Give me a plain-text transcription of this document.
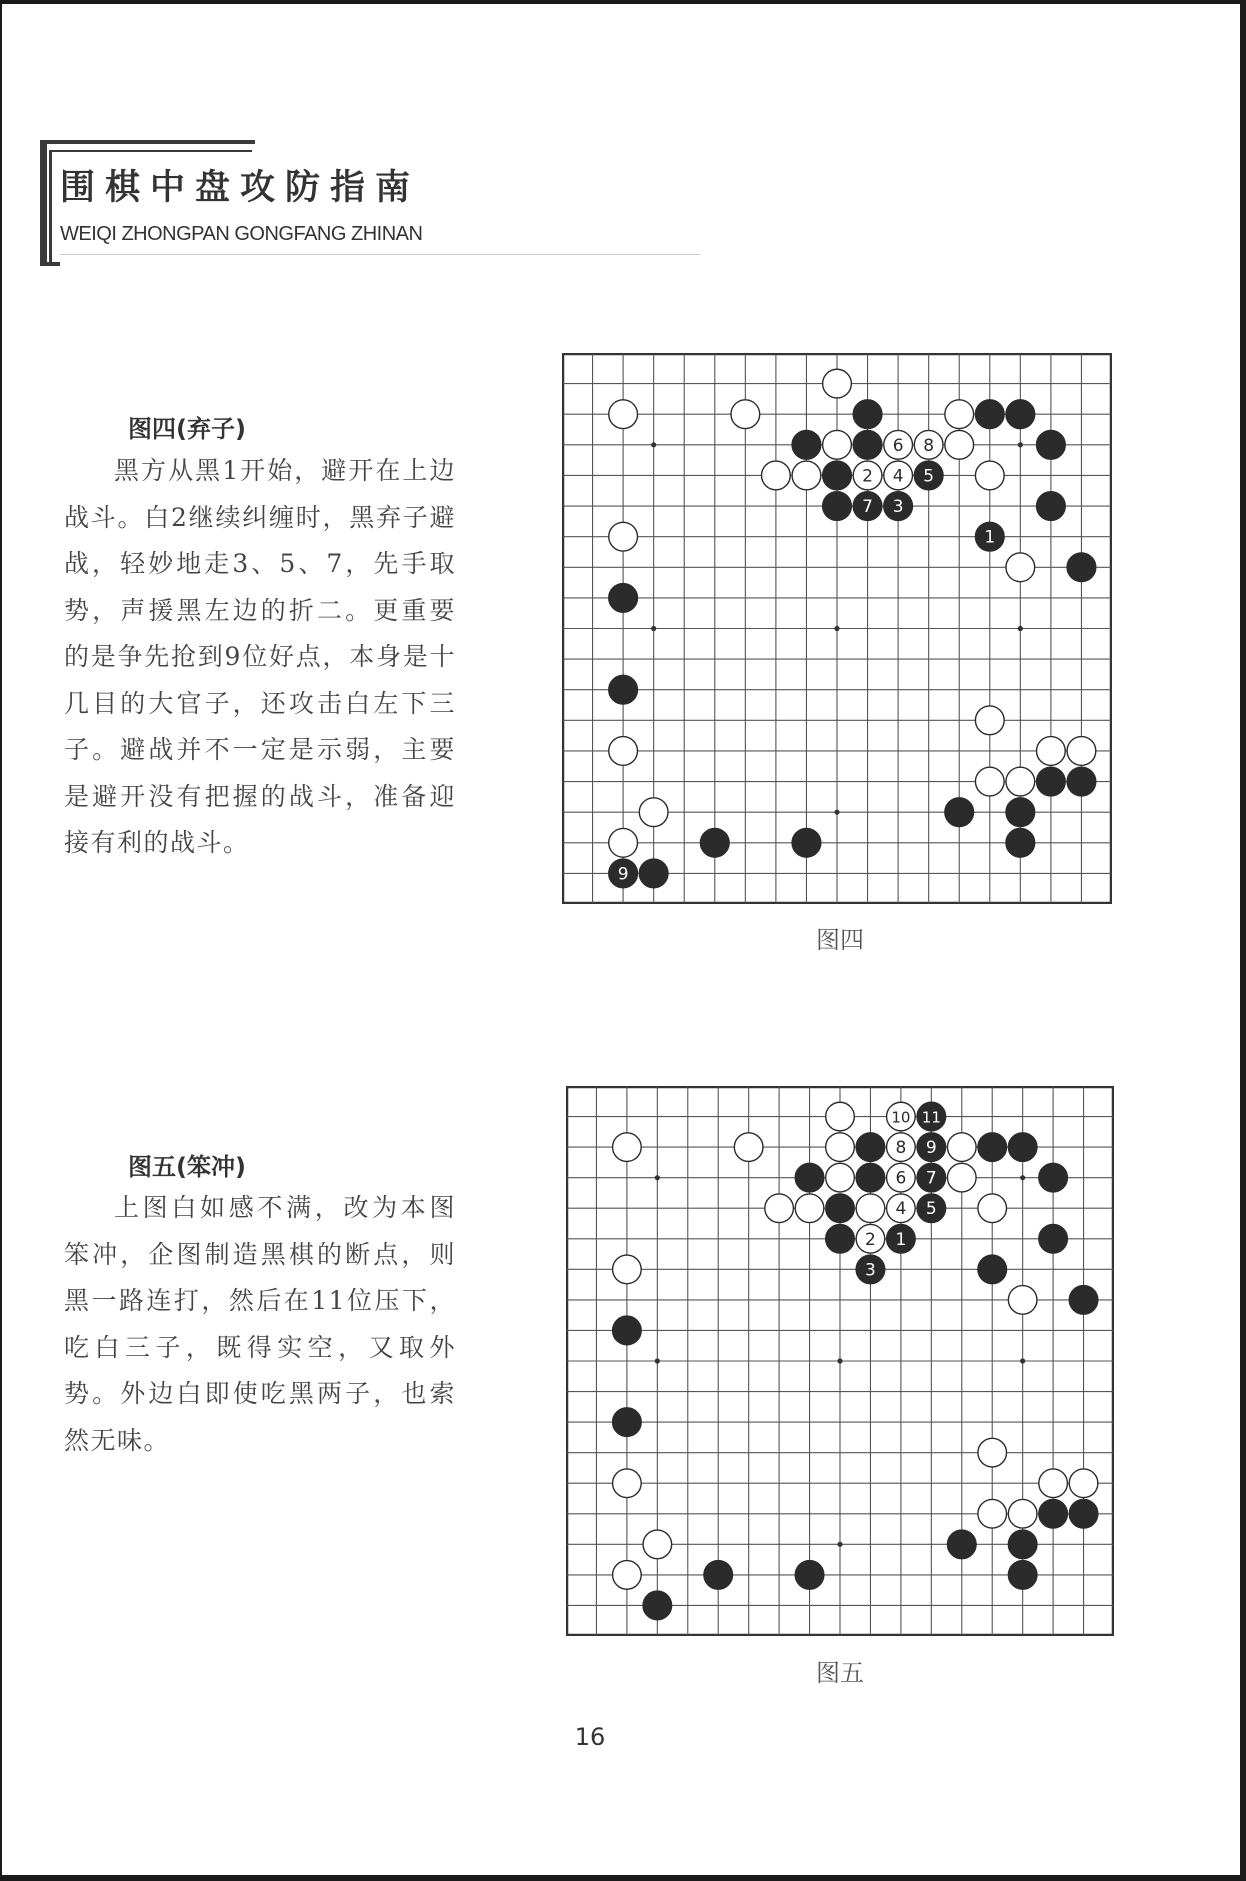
围棋中盘攻防指南
WEIQI ZHONGPAN GONGFANG ZHINAN
图四(弃子)

黑方从黑1开始，避开在上边战斗。白2继续纠缠时，黑弃子避战，轻妙地走3、5、7，先手取势，声援黑左边的折二。更重要的是争先抢到9位好点，本身是十几目的大官子，还攻击白左下三子。避战并不一定是示弱，主要是避开没有把握的战斗，准备迎接有利的战斗。

6 8
2 4 5
7 3
1
9
图四
图五(笨冲)

上图白如感不满，改为本图笨冲，企图制造黑棋的断点，则黑一路连打，然后在11位压下，吃白三子，既得实空，又取外势。外边白即使吃黑两子，也索然无味。

10 11
8 9
6 7
4 5
2 1
3
图五
16
